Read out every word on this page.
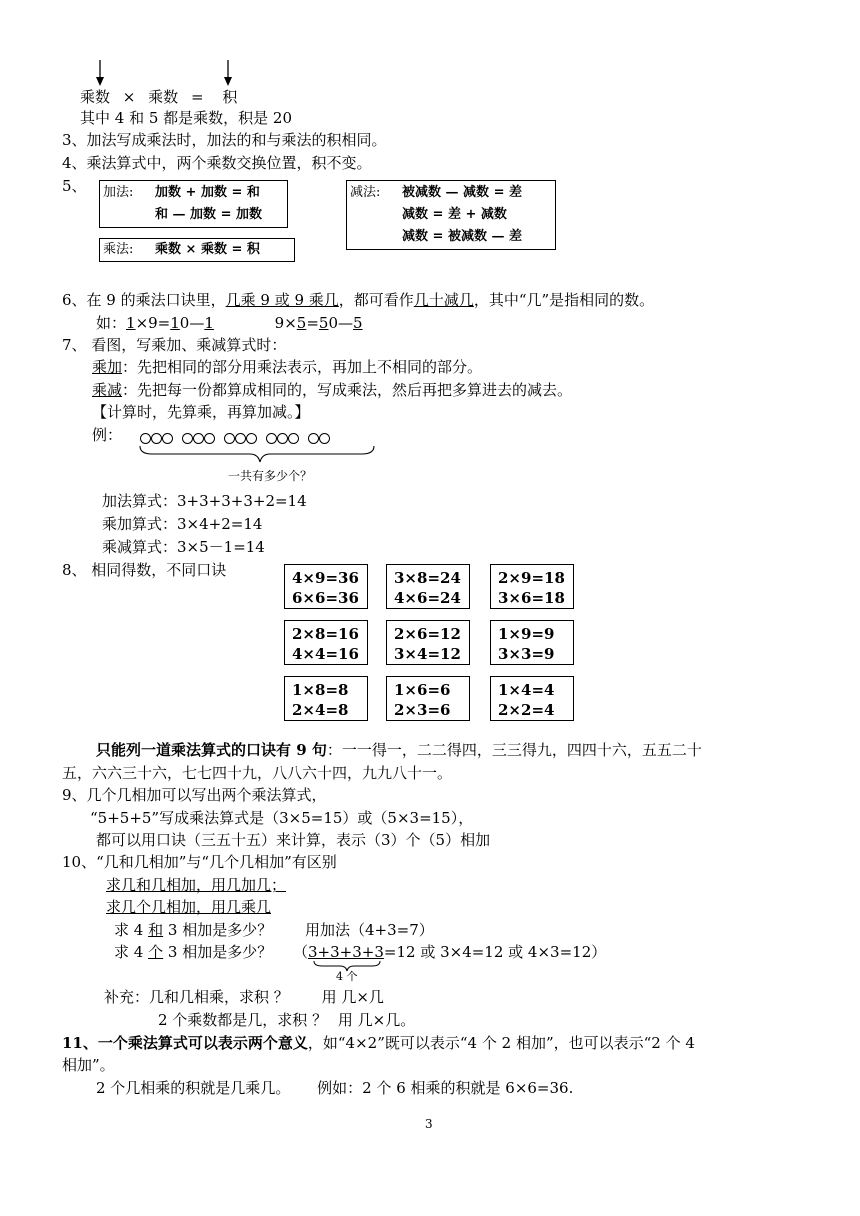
乘数 × 乘数 = 积
其中 4 和 5 都是乘数，积是 20
3、加法写成乘法时，加法的和与乘法的积相同。
4、乘法算式中，两个乘数交换位置，积不变。
5、 加法: 加数 + 加数 = 和
和 — 加数 = 加数
乘法: 乘数 × 乘数 = 积
减法: 被减数 — 减数 = 差
减数 = 差 + 减数
减数 = 被减数 — 差
6、在 9 的乘法口诀里，几乘 9 或 9 乘几，都可看作几十减几，其中“几”是指相同的数。
如：1×9=10—1	9×5=50—5
7、 看图，写乘加、乘减算式时：
乘加：先把相同的部分用乘法表示，再加上不相同的部分。
乘减：先把每一份都算成相同的，写成乘法，然后再把多算进去的减去。
【计算时，先算乘，再算加减。】
例：
一共有多少个？
加法算式：3+3+3+3+2=14
乘加算式：3×4+2=14
乘减算式：3×5－1=14
8、 相同得数，不同口诀	4×9=36
6×6=36
3×8=24
4×6=24
2×9=18
3×6=18
2×8=16
4×4=16
2×6=12
3×4=12
1×9=9
3×3=9
1×8=8
2×4=8
1×6=6
2×3=6
1×4=4
2×2=4
只能列一道乘法算式的口诀有 9 句：一一得一，二二得四，三三得九，四四十六，五五二十
五，六六三十六，七七四十九，八八六十四，九九八十一。
9、几个几相加可以写出两个乘法算式，
“5+5+5”写成乘法算式是（3×5=15）或（5×3=15），
都可以用口诀（三五十五）来计算，表示（3）个（5）相加
10、“几和几相加”与“几个几相加”有区别
求几和几相加，用几加几；
求几个几相加，用几乘几
求 4 和 3 相加是多少？ 用加法（4+3=7）
求 4 个 3 相加是多少？ （3+3+3+3=12 或 3×4=12 或 4×3=12）
4 个
补充：几和几相乘，求积 ？ 用 几×几
2 个乘数都是几，求积 ？ 用 几×几。
11、一个乘法算式可以表示两个意义，如“4×2”既可以表示“4 个 2 相加”，也可以表示“2 个 4
相加”。
2 个几相乘的积就是几乘几。 例如：2 个 6 相乘的积就是 6×6=36.
3
